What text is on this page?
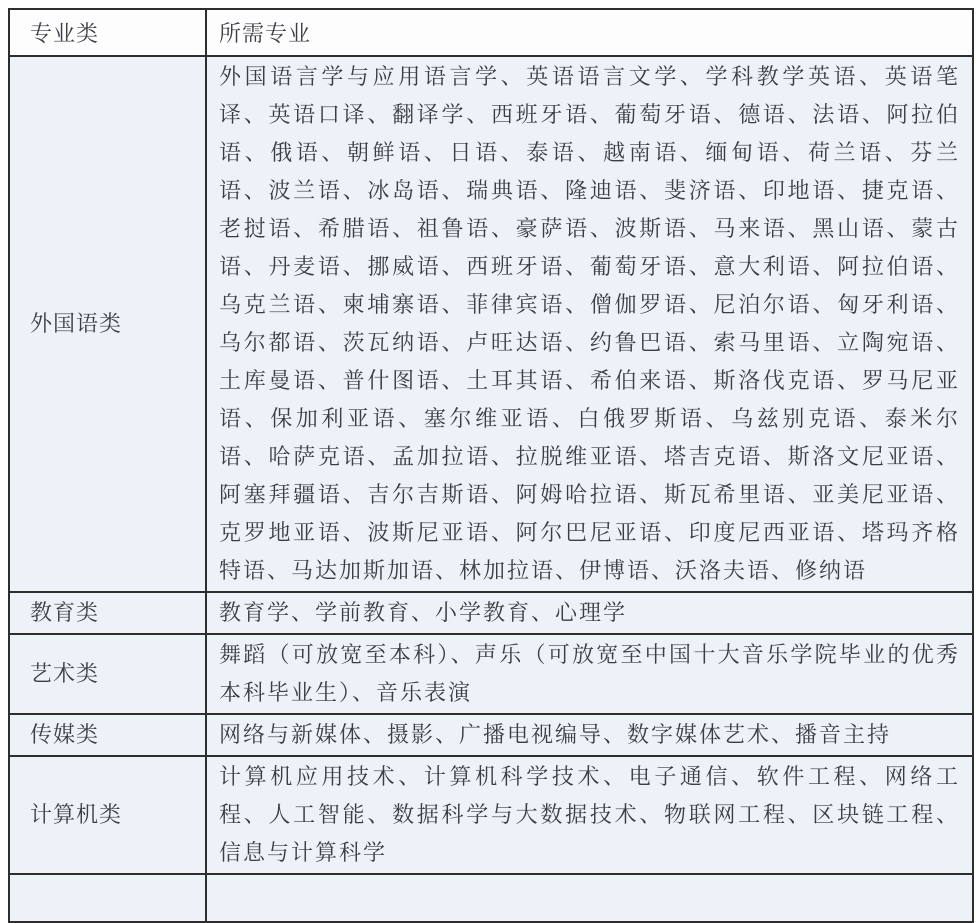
专业类	所需专业
外国语类	外国语言学与应用语言学、英语语言文学、学科教学英语、英语笔译、英语口译、翻译学、西班牙语、葡萄牙语、德语、法语、阿拉伯语、俄语、朝鲜语、日语、泰语、越南语、缅甸语、荷兰语、芬兰语、波兰语、冰岛语、瑞典语、隆迪语、斐济语、印地语、捷克语、老挝语、希腊语、祖鲁语、豪萨语、波斯语、马来语、黑山语、蒙古语、丹麦语、挪威语、西班牙语、葡萄牙语、意大利语、阿拉伯语、乌克兰语、柬埔寨语、菲律宾语、僧伽罗语、尼泊尔语、匈牙利语、乌尔都语、茨瓦纳语、卢旺达语、约鲁巴语、索马里语、立陶宛语、土库曼语、普什图语、土耳其语、希伯来语、斯洛伐克语、罗马尼亚语、保加利亚语、塞尔维亚语、白俄罗斯语、乌兹别克语、泰米尔语、哈萨克语、孟加拉语、拉脱维亚语、塔吉克语、斯洛文尼亚语、阿塞拜疆语、吉尔吉斯语、阿姆哈拉语、斯瓦希里语、亚美尼亚语、克罗地亚语、波斯尼亚语、阿尔巴尼亚语、印度尼西亚语、塔玛齐格特语、马达加斯加语、林加拉语、伊博语、沃洛夫语、修纳语
教育类	教育学、学前教育、小学教育、心理学
艺术类	舞蹈（可放宽至本科）、声乐（可放宽至中国十大音乐学院毕业的优秀本科毕业生）、音乐表演
传媒类	网络与新媒体、摄影、广播电视编导、数字媒体艺术、播音主持
计算机类	计算机应用技术、计算机科学技术、电子通信、软件工程、网络工程、人工智能、数据科学与大数据技术、物联网工程、区块链工程、信息与计算科学
